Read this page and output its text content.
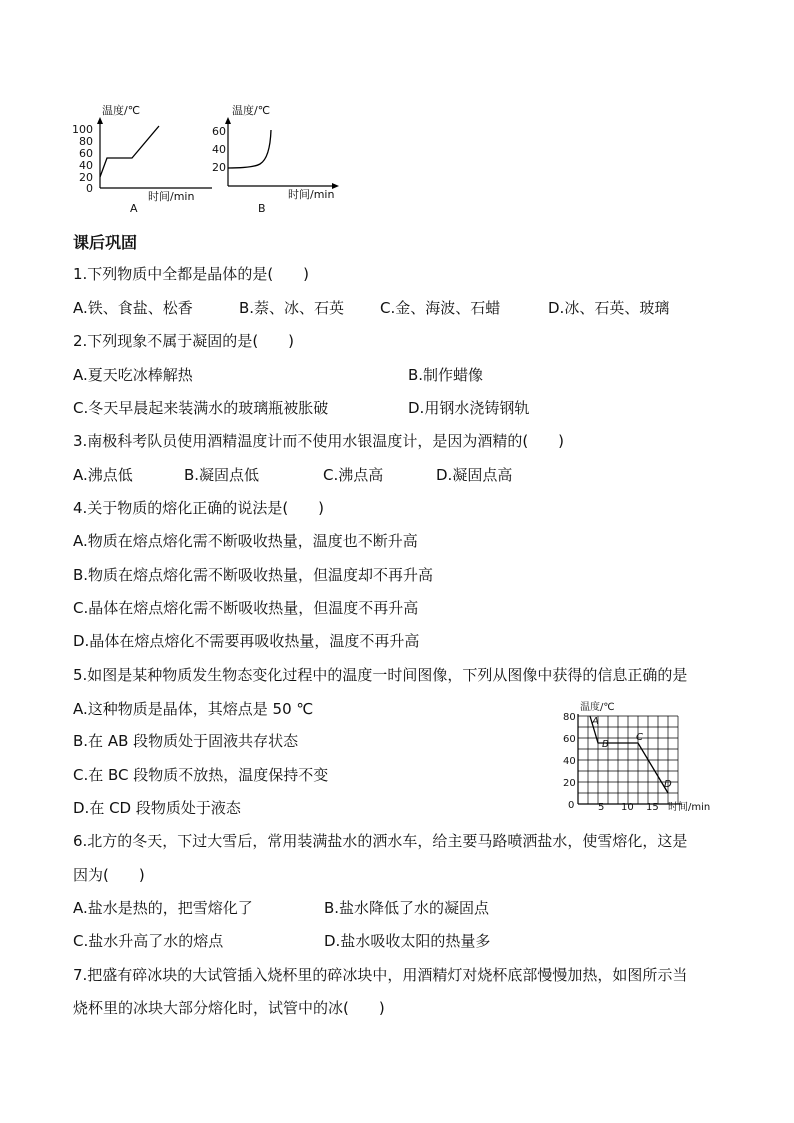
温度/℃
100
80
60
40
20
0
时间/min
A
温度/℃
60
40
20
时间/min
B
课后巩固
1.下列物质中全都是晶体的是(　　)
A.铁、食盐、松香	B.萘、冰、石英 C.金、海波、石蜡	D.冰、石英、玻璃
2.下列现象不属于凝固的是(　　)
A.夏天吃冰棒解热	B.制作蜡像
C.冬天早晨起来装满水的玻璃瓶被胀破	D.用钢水浇铸钢轨
3.南极科考队员使用酒精温度计而不使用水银温度计，是因为酒精的(　　)
A.沸点低	B.凝固点低	C.沸点高	D.凝固点高
4.关于物质的熔化正确的说法是(　　)
A.物质在熔点熔化需不断吸收热量，温度也不断升高
B.物质在熔点熔化需不断吸收热量，但温度却不再升高
C.晶体在熔点熔化需不断吸收热量，但温度不再升高
D.晶体在熔点熔化不需要再吸收热量，温度不再升高
5.如图是某种物质发生物态变化过程中的温度一时间图像，下列从图像中获得的信息正确的是
A.这种物质是晶体，其熔点是 50 ℃
B.在 AB 段物质处于固液共存状态
C.在 BC 段物质不放热，温度保持不变
D.在 CD 段物质处于液态
温度/℃
80
60
40
20
0 5 10 15
A
B
C
D
时间/min
6.北方的冬天，下过大雪后，常用装满盐水的洒水车，给主要马路喷洒盐水，使雪熔化，这是
因为(　　)
A.盐水是热的，把雪熔化了	B.盐水降低了水的凝固点
C.盐水升高了水的熔点	D.盐水吸收太阳的热量多
7.把盛有碎冰块的大试管插入烧杯里的碎冰块中，用酒精灯对烧杯底部慢慢加热，如图所示当
烧杯里的冰块大部分熔化时，试管中的冰(　　)
